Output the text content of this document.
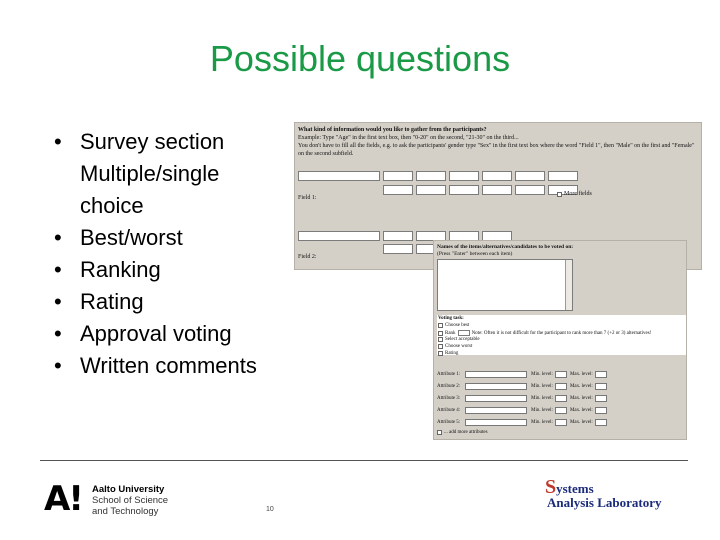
Possible questions
• Survey section
Multiple/single
choice
• Best/worst
• Ranking
• Rating
• Approval voting
• Written comments
What kind of information would you like to gather from the participants?
Example: Type "Age" in the first text box, then "0-20" on the second, "21-30" on the third...
You don't have to fill all the fields, e.g. to ask the participants' gender type "Sex" in the first text box where the word "Field 1", then "Male" on the first and "Female" on the second subfield.
Field 1:
More fields
Field 2:
Names of the items/alternatives/candidates to be voted on:
(Press "Enter" between each item)
Voting task:
Choose best
Rank	Note: Often it is not difficult for the participant to rank more than 7 (+2 or 3) alternatives!
Select acceptable
Choose worst
Rating
Attribute 1:	Min. level:	Max. level:
Attribute 2:	Min. level:	Max. level:
Attribute 3:	Min. level:	Max. level:
Attribute 4:	Min. level:	Max. level:
Attribute 5:	Min. level:	Max. level:
... add more attributes
A! Aalto University
School of Science
and Technology	10
Systems
Analysis Laboratory
